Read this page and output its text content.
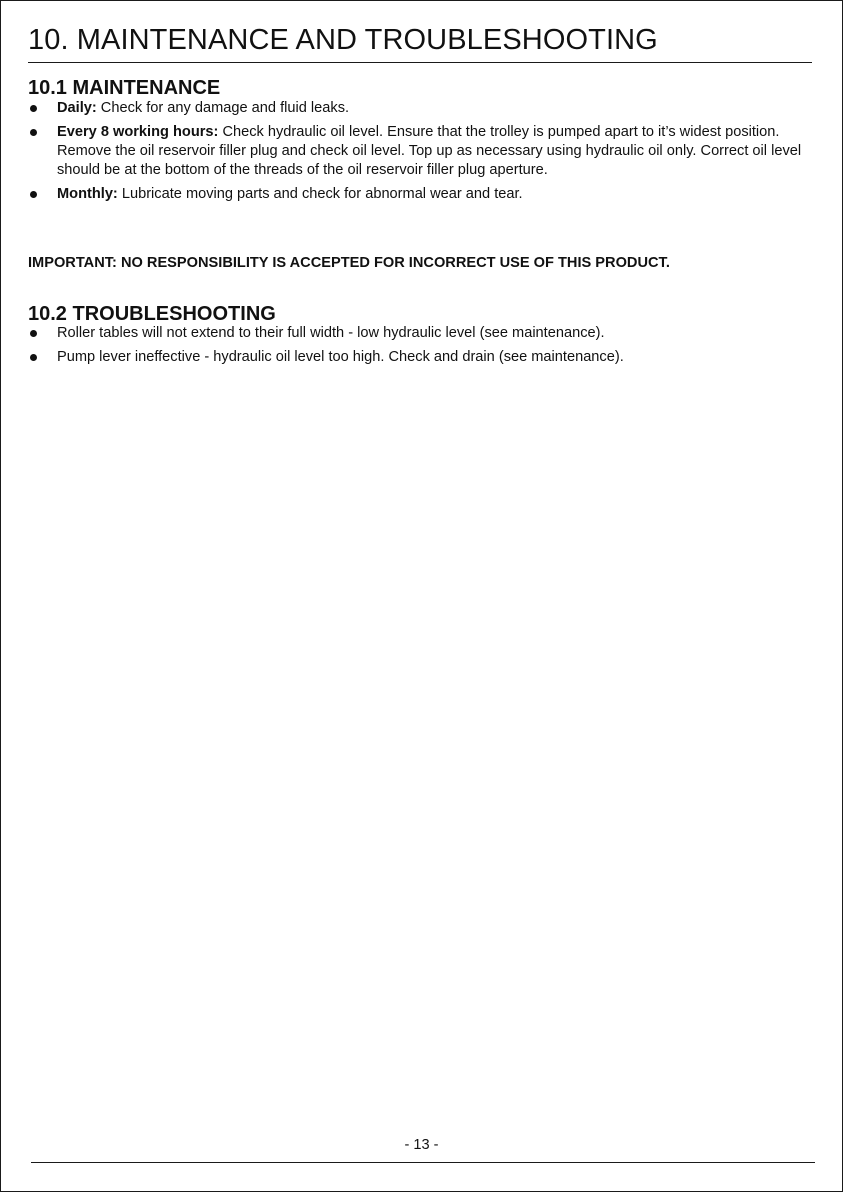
10. MAINTENANCE AND TROUBLESHOOTING
10.1 MAINTENANCE
Daily: Check for any damage and fluid leaks.
Every 8 working hours: Check hydraulic oil level. Ensure that the trolley is pumped apart to it’s widest position. Remove the oil reservoir filler plug and check oil level. Top up as necessary using hydraulic oil only. Correct oil level should be at the bottom of the threads of the oil reservoir filler plug aperture.
Monthly: Lubricate moving parts and check for abnormal wear and tear.

IMPORTANT: NO RESPONSIBILITY IS ACCEPTED FOR INCORRECT USE OF THIS PRODUCT.

10.2 TROUBLESHOOTING
Roller tables will not extend to their full width - low hydraulic level (see maintenance).
Pump lever ineffective - hydraulic oil level too high. Check and drain (see maintenance).
- 13 -
